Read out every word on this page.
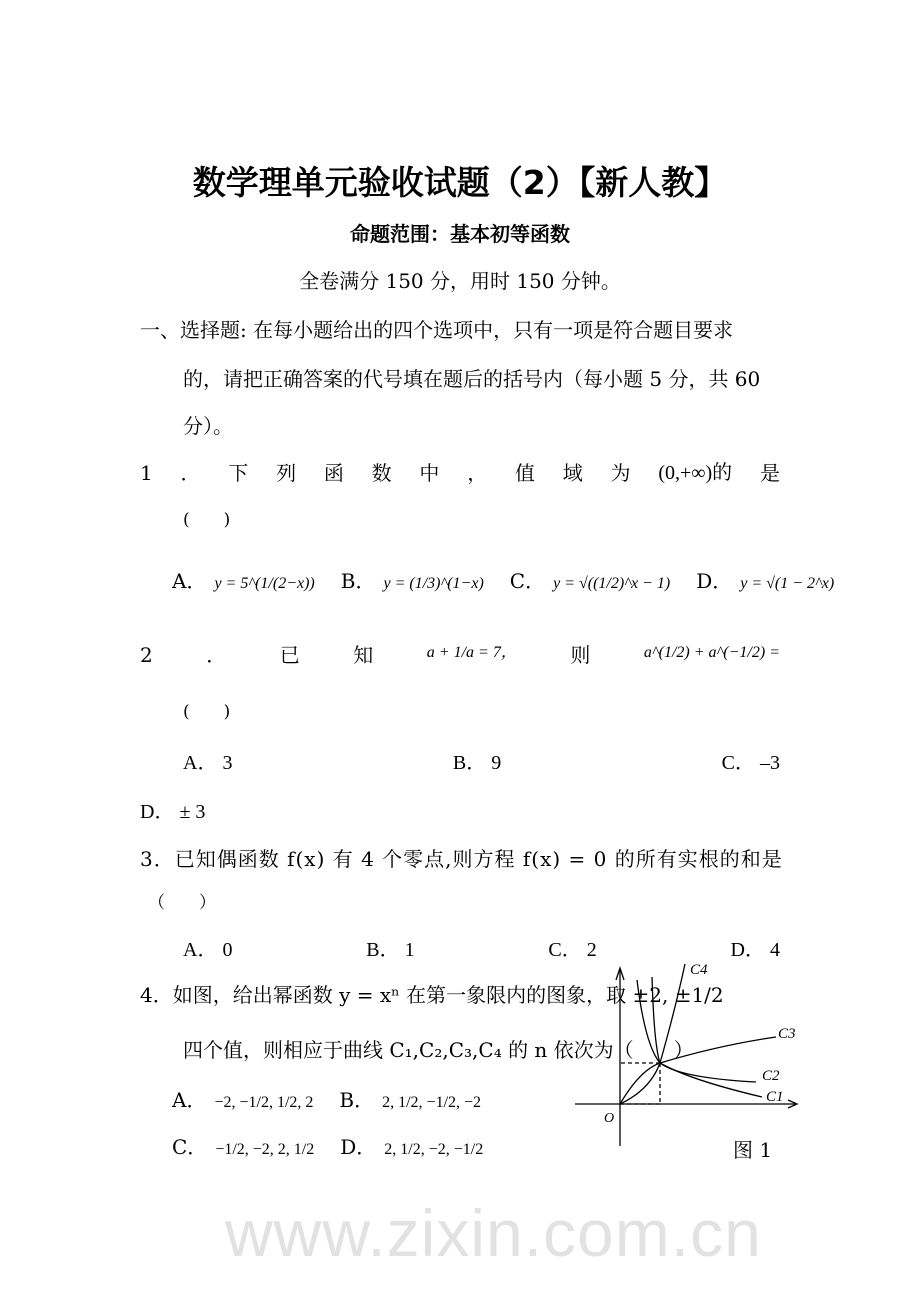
www.zixin.com.cn
数学理单元验收试题（2）【新人教】
命题范围：基本初等函数
全卷满分 150 分，用时 150 分钟。
一、选择题: 在每小题给出的四个选项中，只有一项是符合题目要求
的，请把正确答案的代号填在题后的括号内（每小题 5 分，共 60
分）。
1 ． 下 列 函 数 中 ， 值 域 为 (0,+∞)的 是
(　　)
A． y = 5^(1/(2−x)) B． y = (1/3)^(1−x) C． y = √((1/2)^x − 1) D． y = √(1 − 2^x)
2	．	已	知	a + 1/a = 7，	则	a^(1/2) + a^(−1/2) =
(　　)
A． 3	B． 9	C． –3
D． ± 3
3．已知偶函数 f(x) 有 4 个零点,则方程 f(x) = 0 的所有实根的和是
（　　）
A． 0	B． 1	C． 2	D． 4
4．如图，给出幂函数 y = xⁿ 在第一象限内的图象，取 ±2, ±1/2
四个值，则相应于曲线 C₁,C₂,C₃,C₄ 的 n 依次为（　　）
A． −2, −1/2, 1/2, 2 B． 2, 1/2, −1/2, −2
C． −1/2, −2, 2, 1/2 D． 2, 1/2, −2, −1/2
C4
C3
C2
C1
O
图 1
